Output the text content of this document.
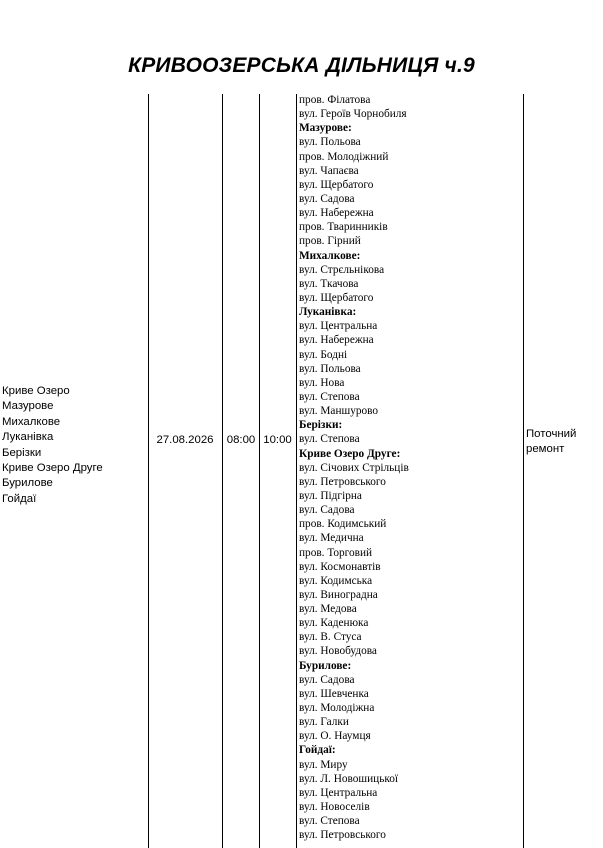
КРИВООЗЕРСЬКА ДІЛЬНИЦЯ ч.9
Криве Озеро
Мазурове
Михалкове
Луканівка
Берізки
Криве Озеро Друге
Бурилове
Гойдаї
27.08.2026	08:00 10:00	Поточний ремонт
пров. Філатова
вул. Героїв Чорнобиля
Мазурове:
вул. Польова
пров. Молодіжний
вул. Чапаєва
вул. Щербатого
вул. Садова
вул. Набережна
пров. Тваринників
пров. Гірний
Михалкове:
вул. Стрєльнікова
вул. Ткачова
вул. Щербатого
Луканівка:
вул. Центральна
вул. Набережна
вул. Бодні
вул. Польова
вул. Нова
вул. Степова
вул. Маншурово
Берізки:
вул. Степова
Криве Озеро Друге:
вул. Січових Стрільців
вул. Петровського
вул. Підгірна
вул. Садова
пров. Кодимський
вул. Медична
пров. Торговий
вул. Космонавтів
вул. Кодимська
вул. Виноградна
вул. Медова
вул. Каденюка
вул. В. Стуса
вул. Новобудова
Бурилове:
вул. Садова
вул. Шевченка
вул. Молодіжна
вул. Галки
вул. О. Наумця
Гойдаї:
вул. Миру
вул. Л. Новошицької
вул. Центральна
вул. Новоселів
вул. Степова
вул. Петровського
